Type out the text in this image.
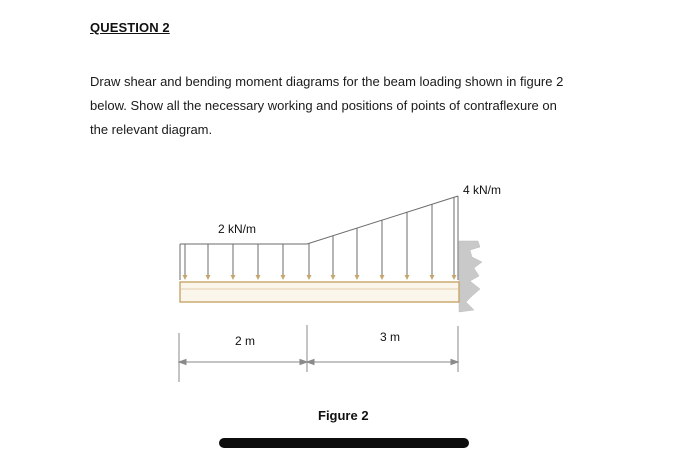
QUESTION 2
Draw shear and bending moment diagrams for the beam loading shown in figure 2
below. Show all the necessary working and positions of points of contraflexure on
the relevant diagram.
2 kN/m
4 kN/m
2 m	3 m
Figure 2
